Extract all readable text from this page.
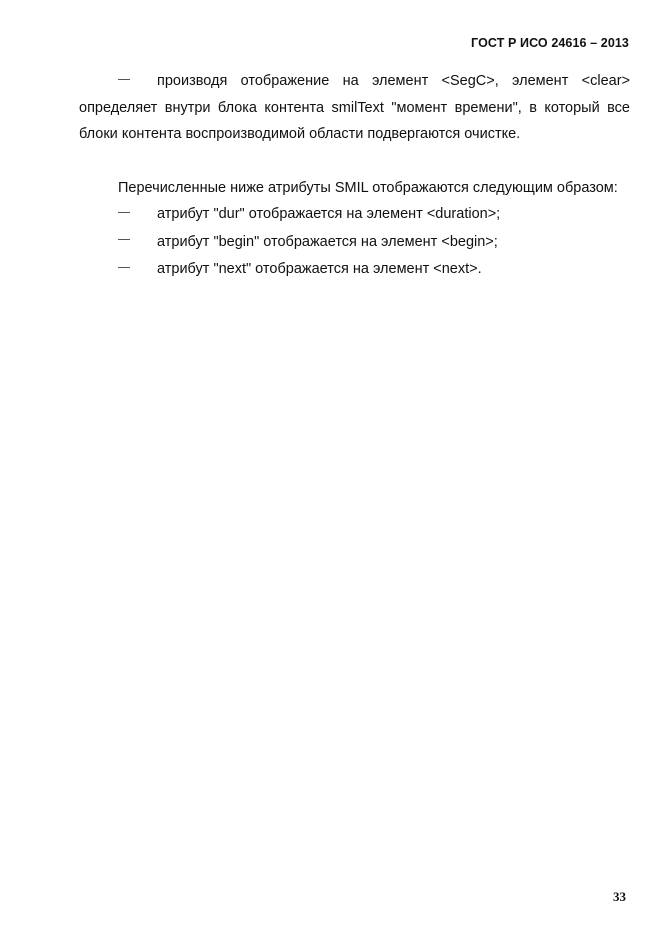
ГОСТ Р ИСО 24616 – 2013
производя отображение на элемент <SegC>, элемент <clear> определяет внутри блока контента smilText "момент времени", в который все блоки контента воспроизводимой области подвергаются очистке.
Перечисленные ниже атрибуты SMIL отображаются следующим образом:
атрибут "dur" отображается на элемент <duration>;
атрибут "begin" отображается на элемент <begin>;
атрибут "next" отображается на элемент <next>.
33
